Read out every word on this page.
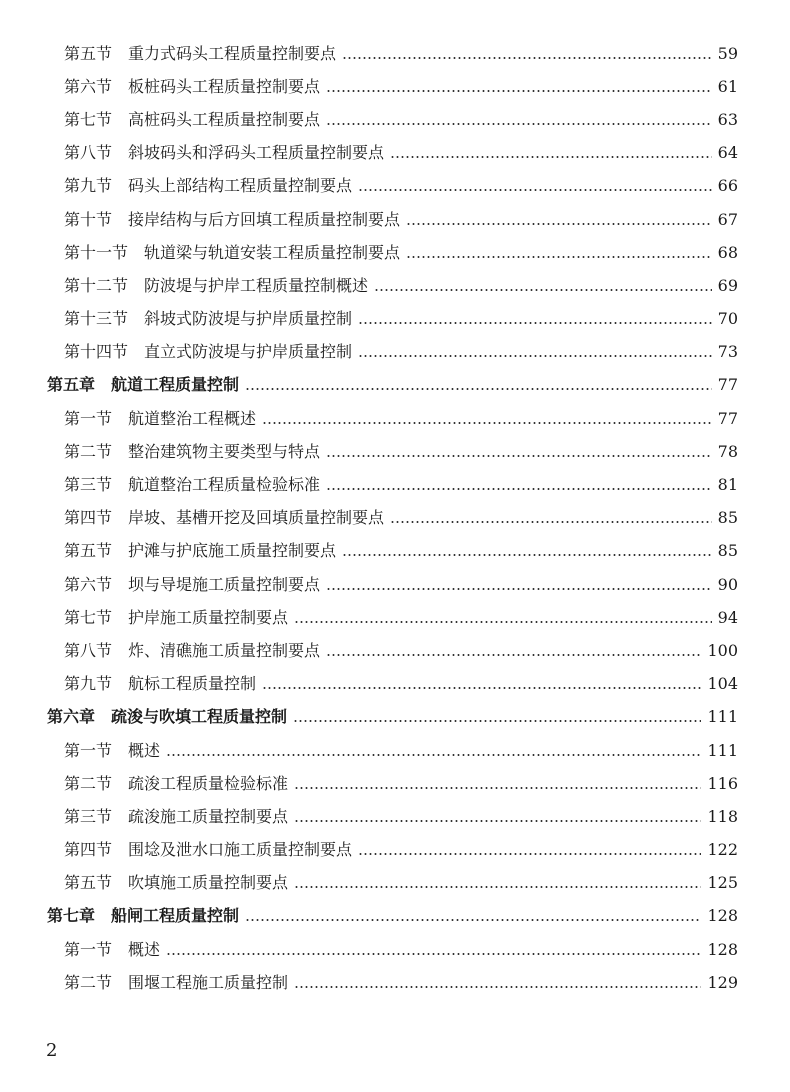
第五节 重力式码头工程质量控制要点	59
第六节 板桩码头工程质量控制要点	61
第七节 高桩码头工程质量控制要点	63
第八节 斜坡码头和浮码头工程质量控制要点	64
第九节 码头上部结构工程质量控制要点	66
第十节 接岸结构与后方回填工程质量控制要点	67
第十一节 轨道梁与轨道安装工程质量控制要点	68
第十二节 防波堤与护岸工程质量控制概述	69
第十三节 斜坡式防波堤与护岸质量控制	70
第十四节 直立式防波堤与护岸质量控制	73
第五章 航道工程质量控制	77
第一节 航道整治工程概述	77
第二节 整治建筑物主要类型与特点	78
第三节 航道整治工程质量检验标准	81
第四节 岸坡、基槽开挖及回填质量控制要点	85
第五节 护滩与护底施工质量控制要点	85
第六节 坝与导堤施工质量控制要点	90
第七节 护岸施工质量控制要点	94
第八节 炸、清礁施工质量控制要点	100
第九节 航标工程质量控制	104
第六章 疏浚与吹填工程质量控制	111
第一节 概述	111
第二节 疏浚工程质量检验标准	116
第三节 疏浚施工质量控制要点	118
第四节 围埝及泄水口施工质量控制要点	122
第五节 吹填施工质量控制要点	125
第七章 船闸工程质量控制	128
第一节 概述	128
第二节 围堰工程施工质量控制	129
2
